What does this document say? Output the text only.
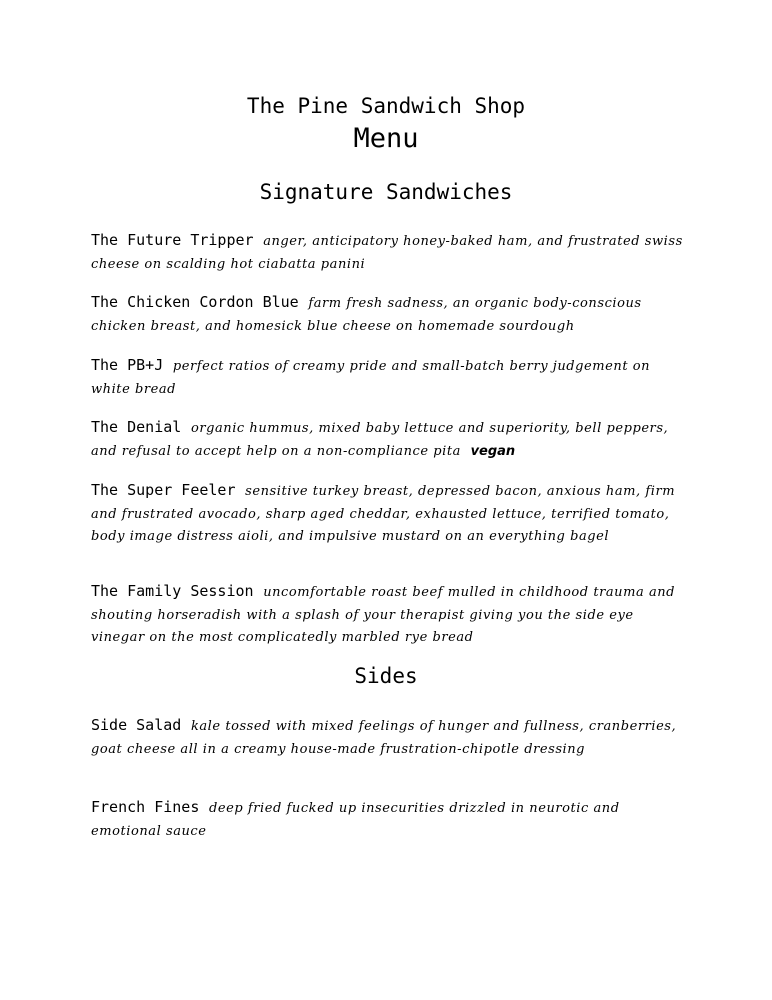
The Pine Sandwich Shop
Menu
Signature Sandwiches
The Future Tripper anger, anticipatory honey-baked ham, and frustrated swiss cheese on scalding hot ciabatta panini
The Chicken Cordon Blue farm fresh sadness, an organic body-conscious chicken breast, and homesick blue cheese on homemade sourdough
The PB+J perfect ratios of creamy pride and small-batch berry judgement on white bread
The Denial organic hummus, mixed baby lettuce and superiority, bell peppers, and refusal to accept help on a non-compliance pita vegan
The Super Feeler sensitive turkey breast, depressed bacon, anxious ham, firm and frustrated avocado, sharp aged cheddar, exhausted lettuce, terrified tomato, body image distress aioli, and impulsive mustard on an everything bagel
The Family Session uncomfortable roast beef mulled in childhood trauma and shouting horseradish with a splash of your therapist giving you the side eye vinegar on the most complicatedly marbled rye bread
Sides
Side Salad kale tossed with mixed feelings of hunger and fullness, cranberries, goat cheese all in a creamy house-made frustration-chipotle dressing
French Fines deep fried fucked up insecurities drizzled in neurotic and emotional sauce
